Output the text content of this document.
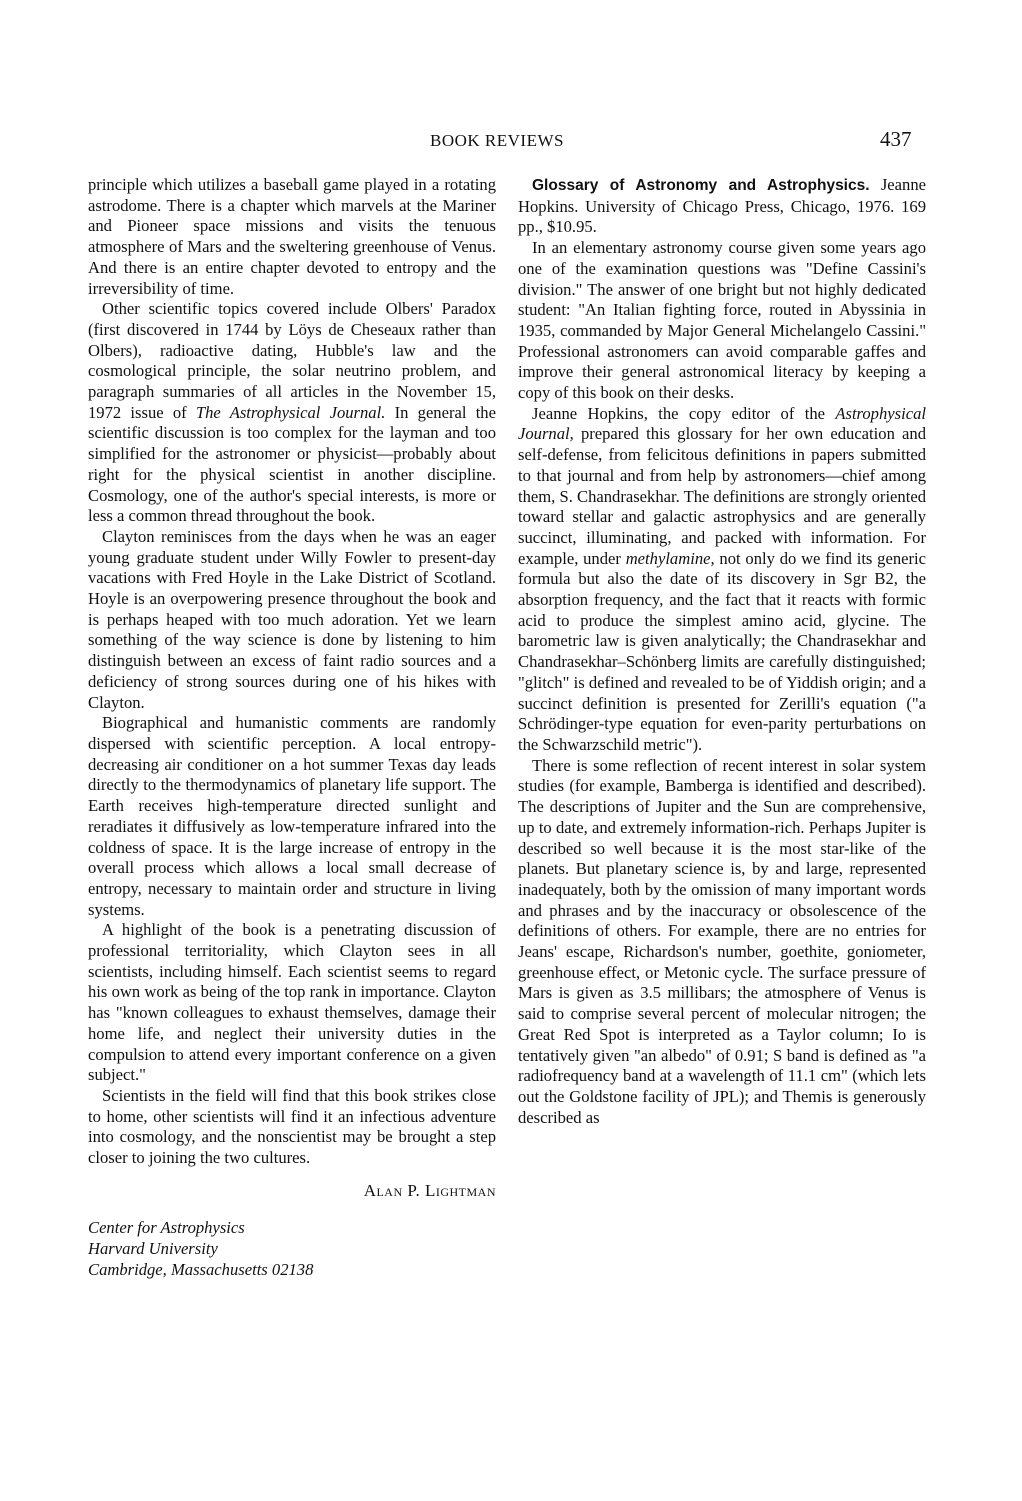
BOOK REVIEWS	437

principle which utilizes a baseball game played in a rotating astrodome. There is a chapter which marvels at the Mariner and Pioneer space missions and visits the tenuous atmosphere of Mars and the sweltering greenhouse of Venus. And there is an entire chapter devoted to entropy and the irreversibility of time.

Other scientific topics covered include Olbers' Paradox (first discovered in 1744 by Löys de Cheseaux rather than Olbers), radioactive dating, Hubble's law and the cosmological principle, the solar neutrino problem, and paragraph summaries of all articles in the November 15, 1972 issue of The Astrophysical Journal. In general the scientific discussion is too complex for the layman and too simplified for the astronomer or physicist—probably about right for the physical scientist in another discipline. Cosmology, one of the author's special interests, is more or less a common thread throughout the book.

Clayton reminisces from the days when he was an eager young graduate student under Willy Fowler to present-day vacations with Fred Hoyle in the Lake District of Scotland. Hoyle is an overpowering presence throughout the book and is perhaps heaped with too much adoration. Yet we learn something of the way science is done by listening to him distinguish between an excess of faint radio sources and a deficiency of strong sources during one of his hikes with Clayton.

Biographical and humanistic comments are randomly dispersed with scientific perception. A local entropy-decreasing air conditioner on a hot summer Texas day leads directly to the thermodynamics of planetary life support. The Earth receives high-temperature directed sunlight and reradiates it diffusively as low-temperature infrared into the coldness of space. It is the large increase of entropy in the overall process which allows a local small decrease of entropy, necessary to maintain order and structure in living systems.

A highlight of the book is a penetrating discussion of professional territoriality, which Clayton sees in all scientists, including himself. Each scientist seems to regard his own work as being of the top rank in importance. Clayton has "known colleagues to exhaust themselves, damage their home life, and neglect their university duties in the compulsion to attend every important conference on a given subject."

Scientists in the field will find that this book strikes close to home, other scientists will find it an infectious adventure into cosmology, and the nonscientist may be brought a step closer to joining the two cultures.

Alan P. Lightman
Center for Astrophysics
Harvard University
Cambridge, Massachusetts 02138

Glossary of Astronomy and Astrophysics. Jeanne Hopkins. University of Chicago Press, Chicago, 1976. 169 pp., $10.95.

In an elementary astronomy course given some years ago one of the examination questions was "Define Cassini's division." The answer of one bright but not highly dedicated student: "An Italian fighting force, routed in Abyssinia in 1935, commanded by Major General Michelangelo Cassini." Professional astronomers can avoid comparable gaffes and improve their general astronomical literacy by keeping a copy of this book on their desks.

Jeanne Hopkins, the copy editor of the Astrophysical Journal, prepared this glossary for her own education and self-defense, from felicitous definitions in papers submitted to that journal and from help by astronomers—chief among them, S. Chandrasekhar. The definitions are strongly oriented toward stellar and galactic astrophysics and are generally succinct, illuminating, and packed with information. For example, under methylamine, not only do we find its generic formula but also the date of its discovery in Sgr B2, the absorption frequency, and the fact that it reacts with formic acid to produce the simplest amino acid, glycine. The barometric law is given analytically; the Chandrasekhar and Chandrasekhar–Schönberg limits are carefully distinguished; "glitch" is defined and revealed to be of Yiddish origin; and a succinct definition is presented for Zerilli's equation ("a Schrödinger-type equation for even-parity perturbations on the Schwarzschild metric").

There is some reflection of recent interest in solar system studies (for example, Bamberga is identified and described). The descriptions of Jupiter and the Sun are comprehensive, up to date, and extremely information-rich. Perhaps Jupiter is described so well because it is the most star-like of the planets. But planetary science is, by and large, represented inadequately, both by the omission of many important words and phrases and by the inaccuracy or obsolescence of the definitions of others. For example, there are no entries for Jeans' escape, Richardson's number, goethite, goniometer, greenhouse effect, or Metonic cycle. The surface pressure of Mars is given as 3.5 millibars; the atmosphere of Venus is said to comprise several percent of molecular nitrogen; the Great Red Spot is interpreted as a Taylor column; Io is tentatively given "an albedo" of 0.91; S band is defined as "a radiofrequency band at a wavelength of 11.1 cm" (which lets out the Goldstone facility of JPL); and Themis is generously described as
